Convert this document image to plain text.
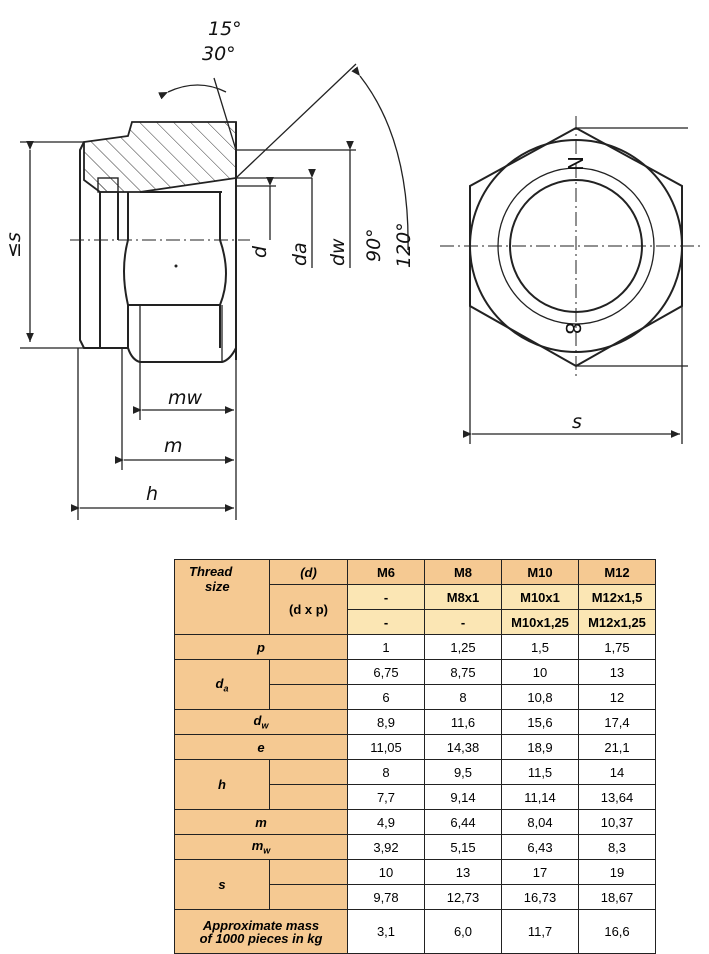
15°
30°
90° 120°
≤s	d da dw
mw
m
h
N
8
s
Thread
size	(d)	M6	M8	M10	M12
	(d x p)	-	M8x1	M10x1	M12x1,5
		-	-	M10x1,25	M12x1,25
p		1	1,25	1,5	1,75
$d_a$		6,75	8,75	10	13
		6	8	10,8	12
$d_w$		8,9	11,6	15,6	17,4
e		11,05	14,38	18,9	21,1
h		8	9,5	11,5	14
		7,7	9,14	11,14	13,64
m		4,9	6,44	8,04	10,37
$m_w$		3,92	5,15	6,43	8,3
s		10	13	17	19
		9,78	12,73	16,73	18,67
Approximate mass of 1000 pieces in kg		3,1	6,0	11,7	16,6
